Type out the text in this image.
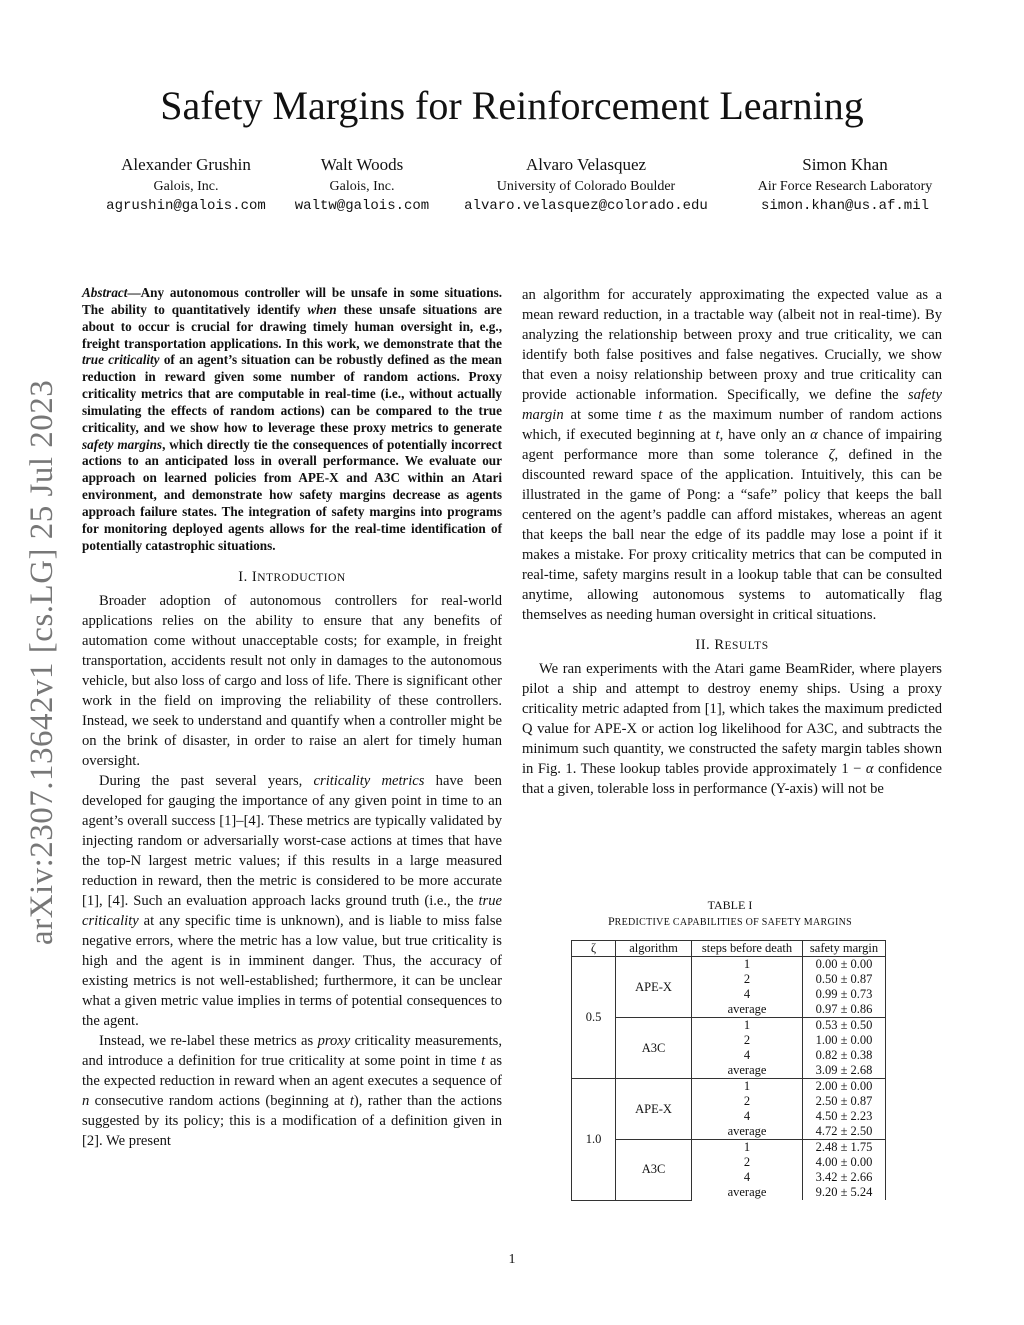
Safety Margins for Reinforcement Learning
Alexander Grushin
Galois, Inc.
agrushin@galois.com
Walt Woods
Galois, Inc.
waltw@galois.com
Alvaro Velasquez
University of Colorado Boulder
alvaro.velasquez@colorado.edu
Simon Khan
Air Force Research Laboratory
simon.khan@us.af.mil
arXiv:2307.13642v1 [cs.LG] 25 Jul 2023
Abstract—Any autonomous controller will be unsafe in some situations. The ability to quantitatively identify when these unsafe situations are about to occur is crucial for drawing timely human oversight in, e.g., freight transportation applications. In this work, we demonstrate that the true criticality of an agent’s situation can be robustly defined as the mean reduction in reward given some number of random actions. Proxy criticality metrics that are computable in real-time (i.e., without actually simulating the effects of random actions) can be compared to the true criticality, and we show how to leverage these proxy metrics to generate safety margins, which directly tie the consequences of potentially incorrect actions to an anticipated loss in overall performance. We evaluate our approach on learned policies from APE-X and A3C within an Atari environment, and demonstrate how safety margins decrease as agents approach failure states. The integration of safety margins into programs for monitoring deployed agents allows for the real-time identification of potentially catastrophic situations.
I. INTRODUCTION

Broader adoption of autonomous controllers for real-world applications relies on the ability to ensure that any benefits of automation come without unacceptable costs; for example, in freight transportation, accidents result not only in damages to the autonomous vehicle, but also loss of cargo and loss of life. There is significant other work in the field on improving the reliability of these controllers. Instead, we seek to understand and quantify when a controller might be on the brink of disaster, in order to raise an alert for timely human oversight.

During the past several years, criticality metrics have been developed for gauging the importance of any given point in time to an agent’s overall success [1]–[4]. These metrics are typically validated by injecting random or adversarially worst-case actions at times that have the top-N largest metric values; if this results in a large measured reduction in reward, then the metric is considered to be more accurate [1], [4]. Such an evaluation approach lacks ground truth (i.e., the true criticality at any specific time is unknown), and is liable to miss false negative errors, where the metric has a low value, but true criticality is high and the agent is in imminent danger. Thus, the accuracy of existing metrics is not well-established; furthermore, it can be unclear what a given metric value implies in terms of potential consequences to the agent.

Instead, we re-label these metrics as proxy criticality measurements, and introduce a definition for true criticality at some point in time t as the expected reduction in reward when an agent executes a sequence of n consecutive random actions (beginning at t), rather than the actions suggested by its policy; this is a modification of a definition given in [2]. We present

an algorithm for accurately approximating the expected value as a mean reward reduction, in a tractable way (albeit not in real-time). By analyzing the relationship between proxy and true criticality, we can identify both false positives and false negatives. Crucially, we show that even a noisy relationship between proxy and true criticality can provide actionable information. Specifically, we define the safety margin at some time t as the maximum number of random actions which, if executed beginning at t, have only an α chance of impairing agent performance more than some tolerance ζ, defined in the discounted reward space of the application. Intuitively, this can be illustrated in the game of Pong: a “safe” policy that keeps the ball centered on the agent’s paddle can afford mistakes, whereas an agent that keeps the ball near the edge of its paddle may lose a point if it makes a mistake. For proxy criticality metrics that can be computed in real-time, safety margins result in a lookup table that can be consulted anytime, allowing autonomous systems to automatically flag themselves as needing human oversight in critical situations.

II. RESULTS

We ran experiments with the Atari game BeamRider, where players pilot a ship and attempt to destroy enemy ships. Using a proxy criticality metric adapted from [1], which takes the maximum predicted Q value for APE-X or action log likelihood for A3C, and subtracts the minimum such quantity, we constructed the safety margin tables shown in Fig. 1. These lookup tables provide approximately 1 − α confidence that a given, tolerable loss in performance (Y-axis) will not be

TABLE I
PREDICTIVE CAPABILITIES OF SAFETY MARGINS
ζ	algorithm	steps before death	safety margin
0.5	APE-X	1	0.00 ± 0.00
		2	0.50 ± 0.87
		4	0.99 ± 0.73
		average	0.97 ± 0.86
	A3C	1	0.53 ± 0.50
		2	1.00 ± 0.00
		4	0.82 ± 0.38
		average	3.09 ± 2.68
1.0	APE-X	1	2.00 ± 0.00
		2	2.50 ± 0.87
		4	4.50 ± 2.23
		average	4.72 ± 2.50
	A3C	1	2.48 ± 1.75
		2	4.00 ± 0.00
		4	3.42 ± 2.66
		average	9.20 ± 5.24
1
